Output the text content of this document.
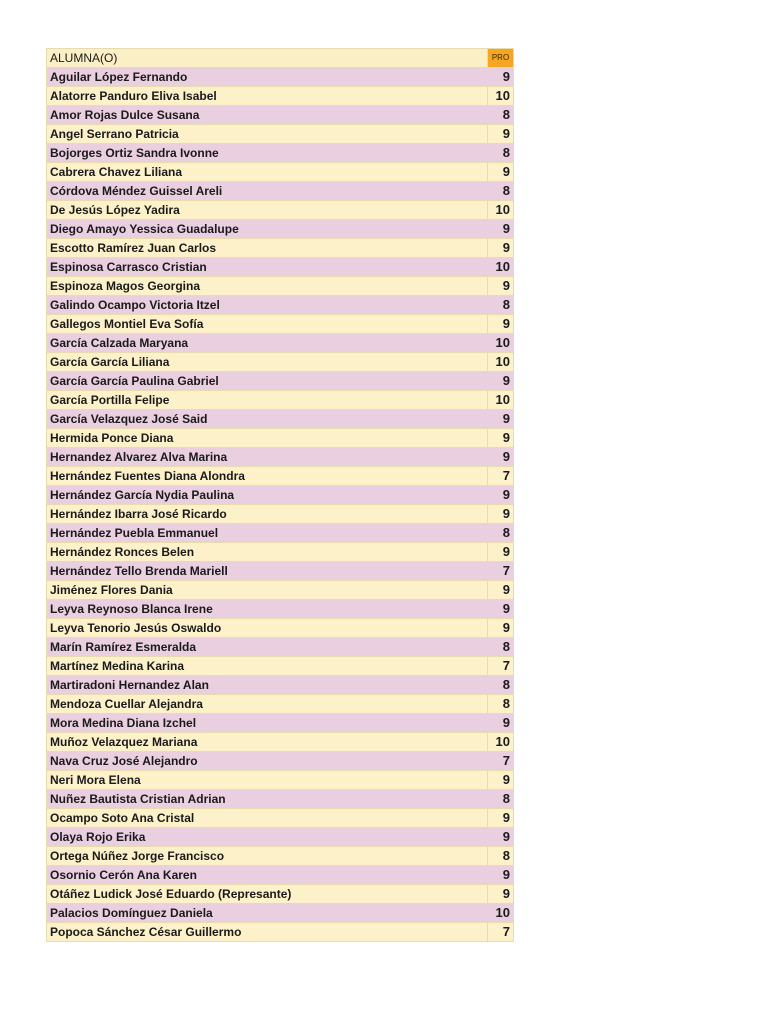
ALUMNA(O)	PRO
Aguilar López Fernando	9
Alatorre Panduro Eliva Isabel	10
Amor Rojas Dulce Susana	8
Angel Serrano Patricia	9
Bojorges Ortiz Sandra Ivonne	8
Cabrera Chavez Liliana	9
Córdova Méndez Guissel Areli	8
De Jesús López Yadira	10
Diego Amayo Yessica Guadalupe	9
Escotto Ramírez Juan Carlos	9
Espinosa Carrasco Cristian	10
Espinoza Magos Georgina	9
Galindo Ocampo Victoria Itzel	8
Gallegos Montiel Eva Sofía	9
García Calzada Maryana	10
García García Liliana	10
García García Paulina Gabriel	9
García Portilla Felipe	10
García Velazquez José Said	9
Hermida Ponce Diana	9
Hernandez Alvarez Alva Marina	9
Hernández Fuentes Diana Alondra	7
Hernández García Nydia Paulina	9
Hernández Ibarra José Ricardo	9
Hernández Puebla Emmanuel	8
Hernández Ronces Belen	9
Hernández Tello Brenda Mariell	7
Jiménez Flores Dania	9
Leyva Reynoso Blanca Irene	9
Leyva Tenorio Jesús Oswaldo	9
Marín Ramírez Esmeralda	8
Martínez Medina Karina	7
Martiradoni Hernandez Alan	8
Mendoza Cuellar Alejandra	8
Mora Medina Diana Izchel	9
Muñoz Velazquez Mariana	10
Nava Cruz José Alejandro	7
Neri Mora Elena	9
Nuñez Bautista Cristian Adrian	8
Ocampo Soto Ana Cristal	9
Olaya Rojo Erika	9
Ortega Núñez Jorge Francisco	8
Osornio Cerón Ana Karen	9
Otáñez Ludick José Eduardo (Represante)	9
Palacios Domínguez Daniela	10
Popoca Sánchez César Guillermo	7
